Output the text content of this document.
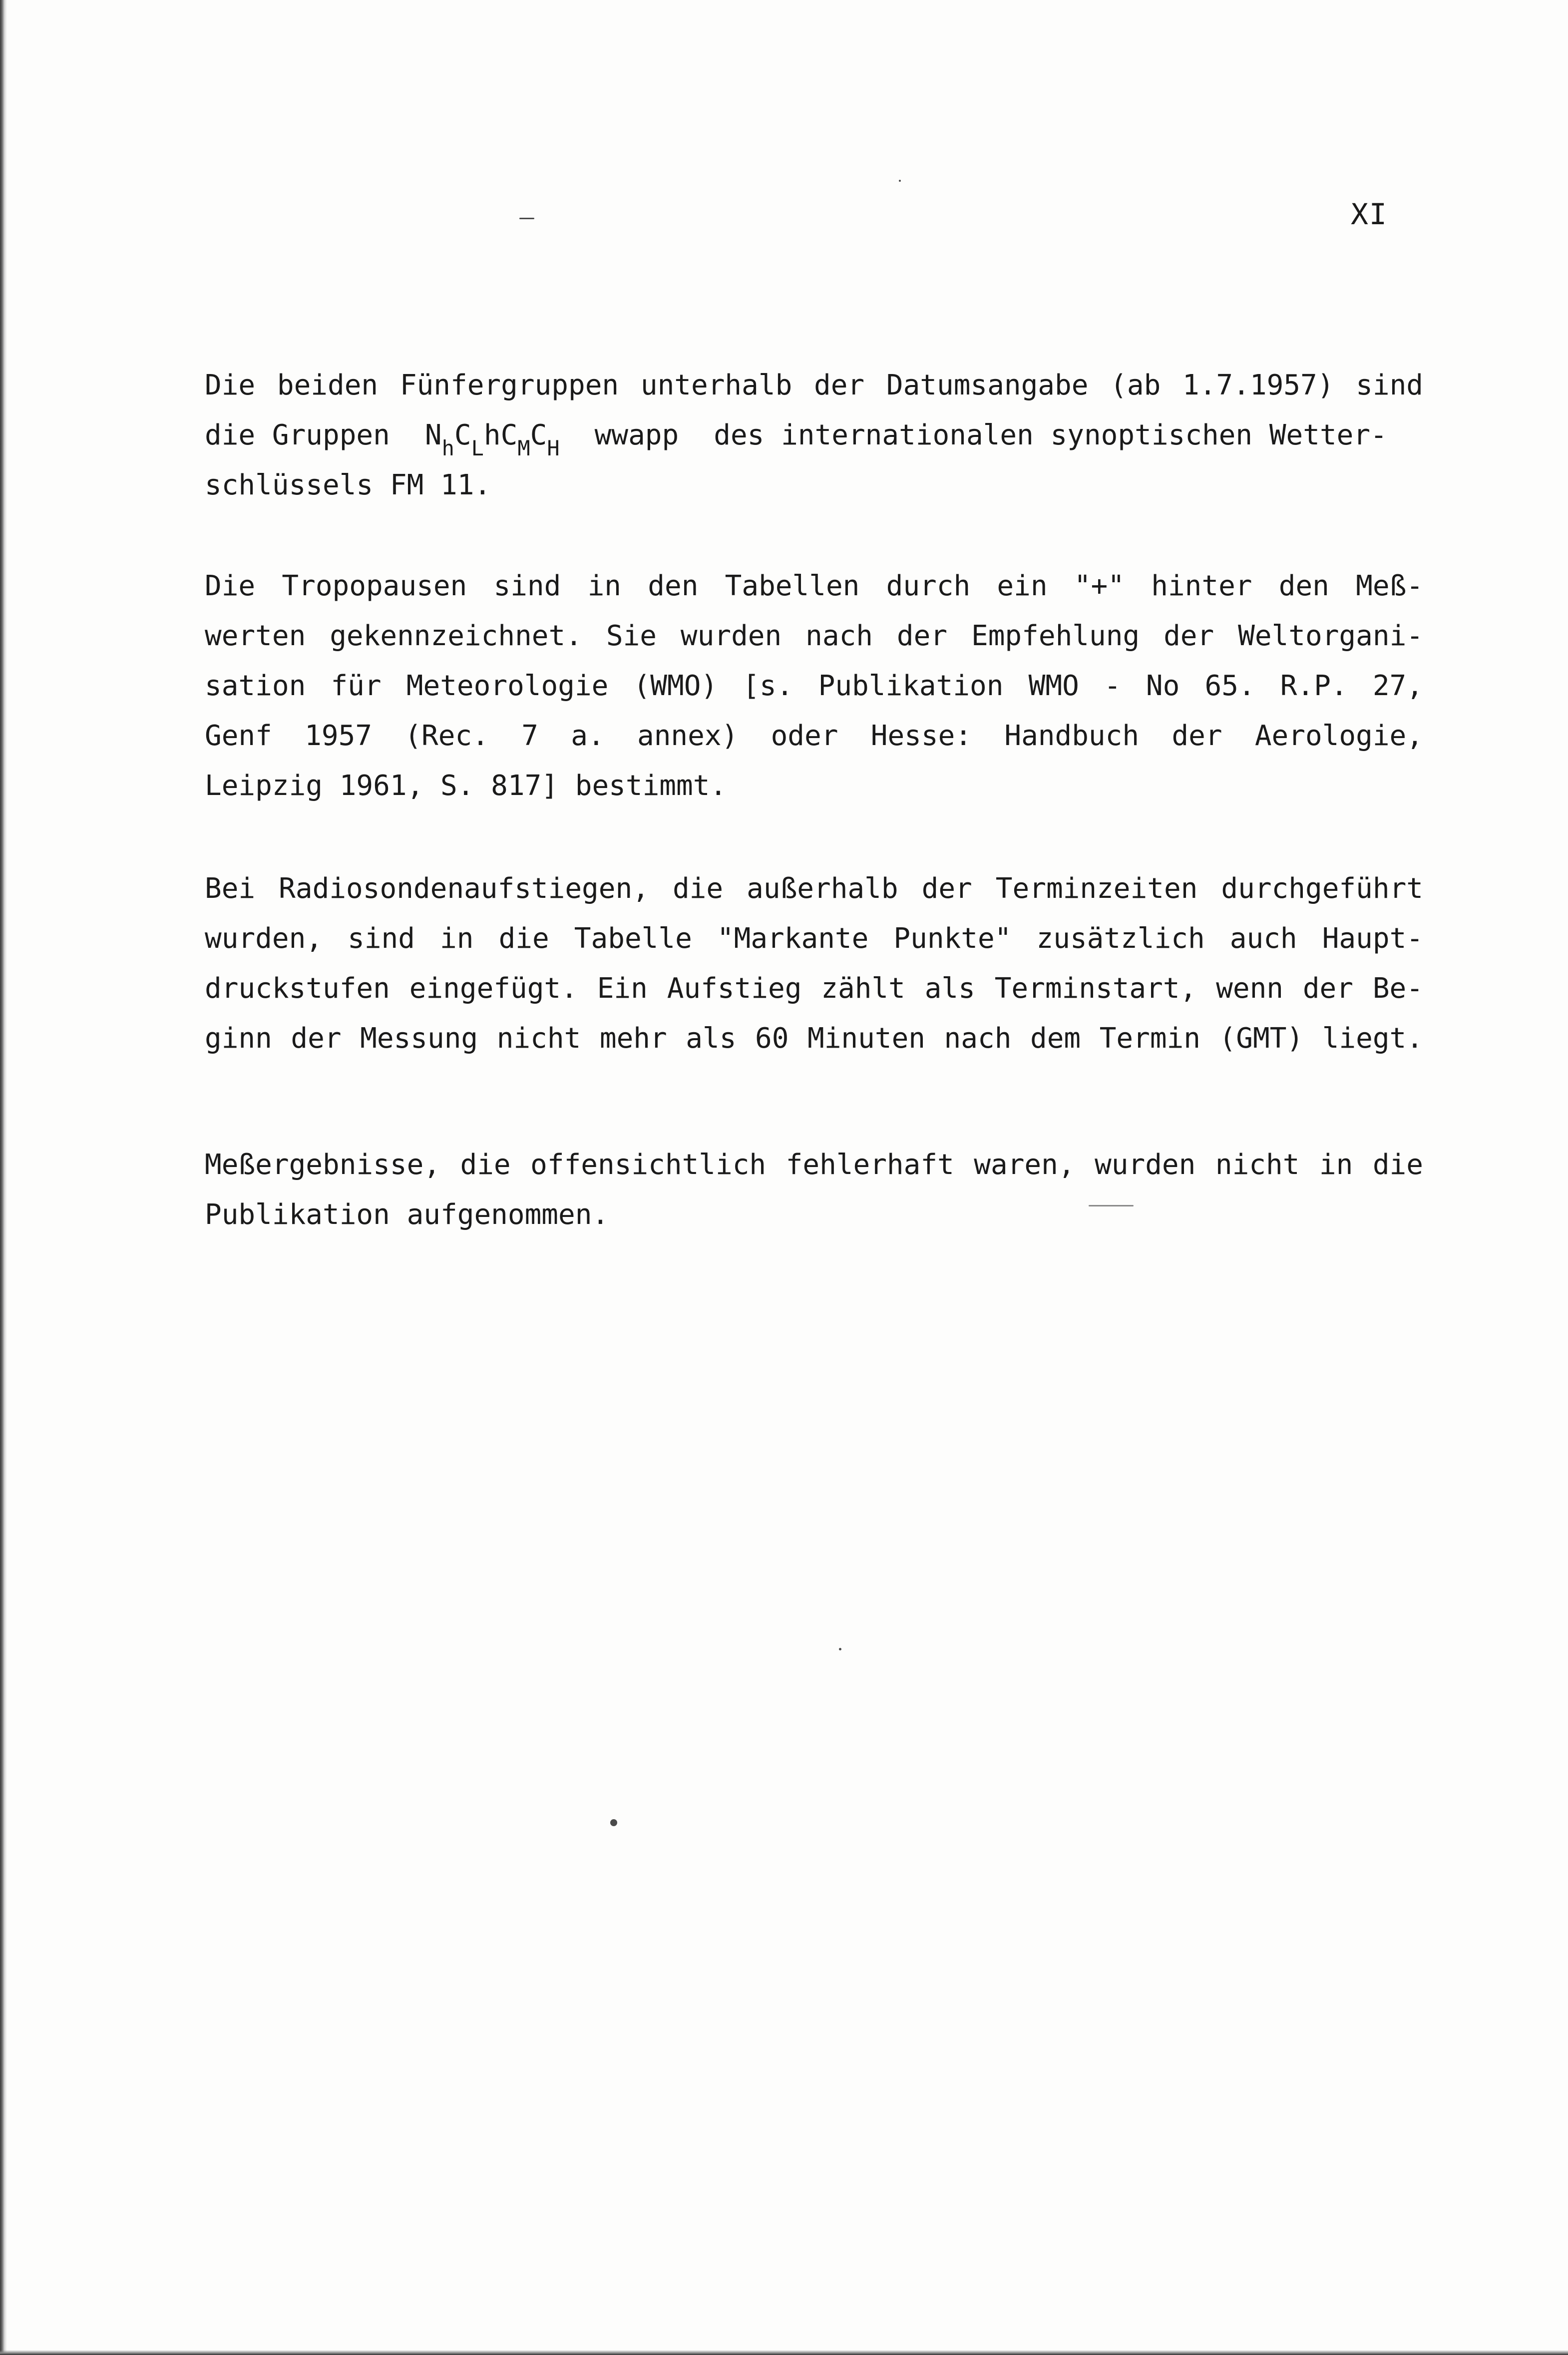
XI
Die beiden Fünfergruppen unterhalb der Datumsangabe (ab 1.7.1957) sind
die Gruppen $N_hC_LhC_MC_H$ wwapp des internationalen synoptischen Wetter-
schlüssels FM 11.
Die Tropopausen sind in den Tabellen durch ein "+" hinter den Meß-
werten gekennzeichnet. Sie wurden nach der Empfehlung der Weltorgani-
sation für Meteorologie (WMO) [s. Publikation WMO - No 65. R.P. 27,
Genf 1957 (Rec. 7 a. annex) oder Hesse: Handbuch der Aerologie,
Leipzig 1961, S. 817] bestimmt.
Bei Radiosondenaufstiegen, die außerhalb der Terminzeiten durchgeführt
wurden, sind in die Tabelle "Markante Punkte" zusätzlich auch Haupt-
druckstufen eingefügt. Ein Aufstieg zählt als Terminstart, wenn der Be-
ginn der Messung nicht mehr als 60 Minuten nach dem Termin (GMT) liegt.
Meßergebnisse, die offensichtlich fehlerhaft waren, wurden nicht in die
Publikation aufgenommen.
